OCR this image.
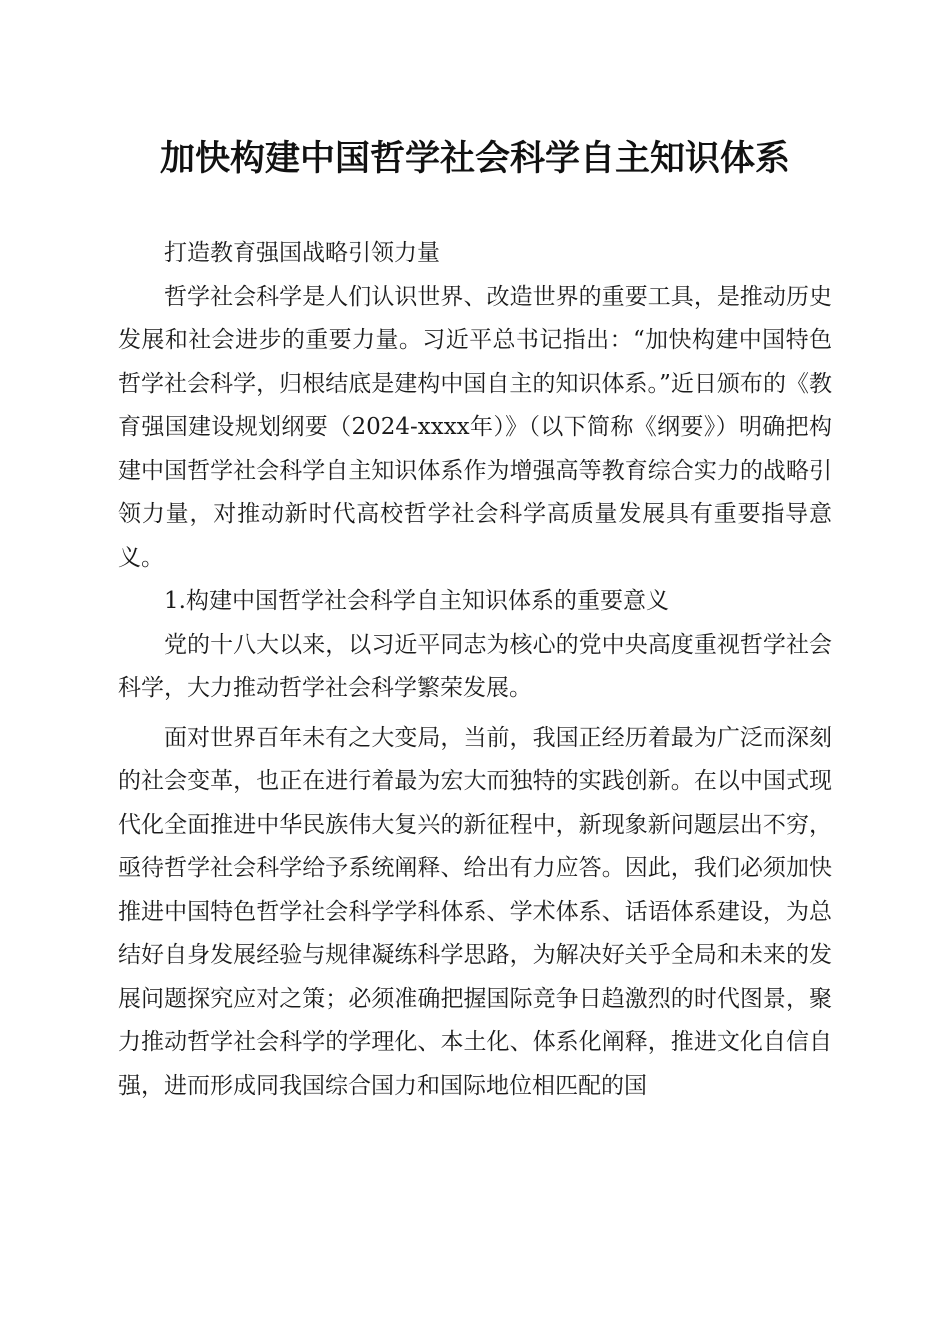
加快构建中国哲学社会科学自主知识体系

打造教育强国战略引领力量

哲学社会科学是人们认识世界、改造世界的重要工具，是推动历史发展和社会进步的重要力量。习近平总书记指出：“加快构建中国特色哲学社会科学，归根结底是建构中国自主的知识体系。”近日颁布的《教育强国建设规划纲要（2024-xxxx年）》（以下简称《纲要》）明确把构建中国哲学社会科学自主知识体系作为增强高等教育综合实力的战略引领力量，对推动新时代高校哲学社会科学高质量发展具有重要指导意义。

1.构建中国哲学社会科学自主知识体系的重要意义

党的十八大以来，以习近平同志为核心的党中央高度重视哲学社会科学，大力推动哲学社会科学繁荣发展。

面对世界百年未有之大变局，当前，我国正经历着最为广泛而深刻的社会变革，也正在进行着最为宏大而独特的实践创新。在以中国式现代化全面推进中华民族伟大复兴的新征程中，新现象新问题层出不穷，亟待哲学社会科学给予系统阐释、给出有力应答。因此，我们必须加快推进中国特色哲学社会科学学科体系、学术体系、话语体系建设，为总结好自身发展经验与规律凝练科学思路，为解决好关乎全局和未来的发展问题探究应对之策；必须准确把握国际竞争日趋激烈的时代图景，聚力推动哲学社会科学的学理化、本土化、体系化阐释，推进文化自信自强，进而形成同我国综合国力和国际地位相匹配的国
